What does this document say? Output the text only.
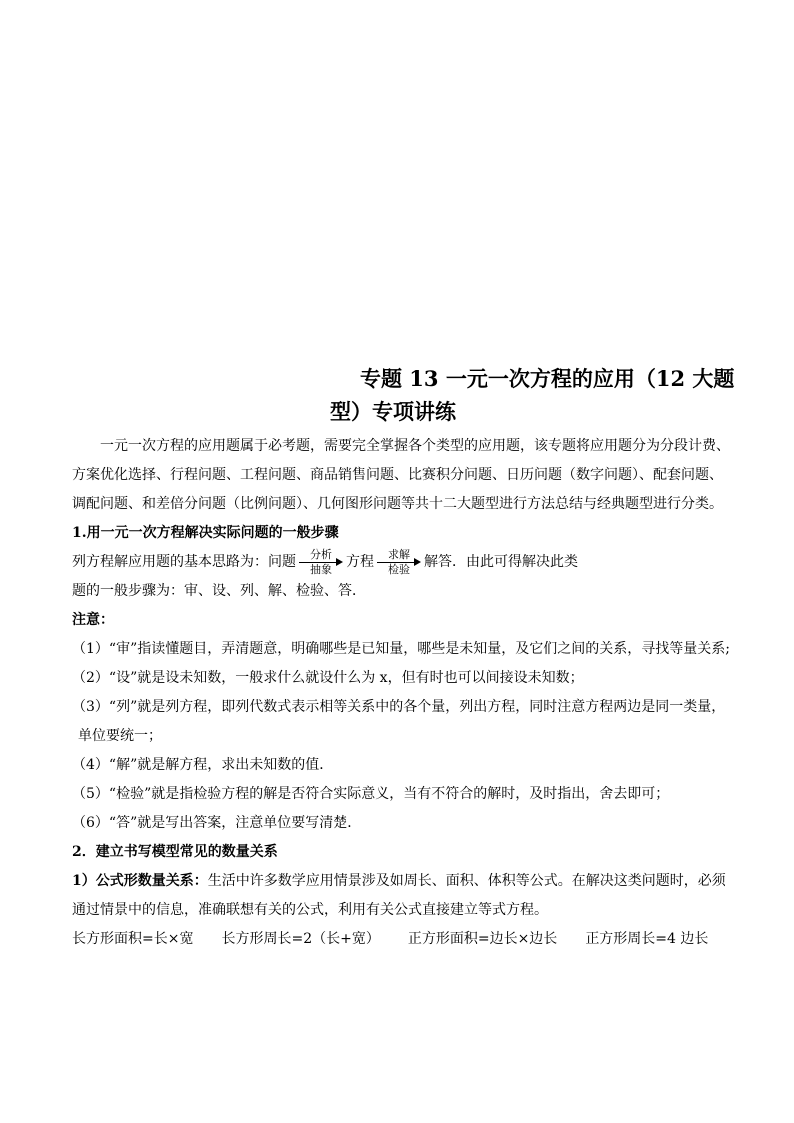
专题 13 一元一次方程的应用（12 大题
型）专项讲练
一元一次方程的应用题属于必考题，需要完全掌握各个类型的应用题，该专题将应用题分为分段计费、
方案优化选择、行程问题、工程问题、商品销售问题、比赛积分问题、日历问题（数字问题）、配套问题、
调配问题、和差倍分问题（比例问题）、几何图形问题等共十二大题型进行方法总结与经典题型进行分类。
1.用一元一次方程解决实际问题的一般步骤
列方程解应用题的基本思路为：问题	分析
抽象	方程	求解
检验	解答．由此可得解决此类
题的一般步骤为：审、设、列、解、检验、答．
注意：
（1）“审”指读懂题目，弄清题意，明确哪些是已知量，哪些是未知量，及它们之间的关系，寻找等量关系;
（2）“设”就是设未知数，一般求什么就设什么为 x，但有时也可以间接设未知数；
（3）“列”就是列方程，即列代数式表示相等关系中的各个量，列出方程，同时注意方程两边是同一类量，
单位要统一；
（4）“解”就是解方程，求出未知数的值．
（5）“检验”就是指检验方程的解是否符合实际意义，当有不符合的解时，及时指出，舍去即可；
（6）“答”就是写出答案，注意单位要写清楚．
2．建立书写模型常见的数量关系
1）公式形数量关系：生活中许多数学应用情景涉及如周长、面积、体积等公式。在解决这类问题时，必须
通过情景中的信息，准确联想有关的公式，利用有关公式直接建立等式方程。
长方形面积=长×宽 长方形周长=2（长+宽） 正方形面积=边长×边长 正方形周长=4 边长
